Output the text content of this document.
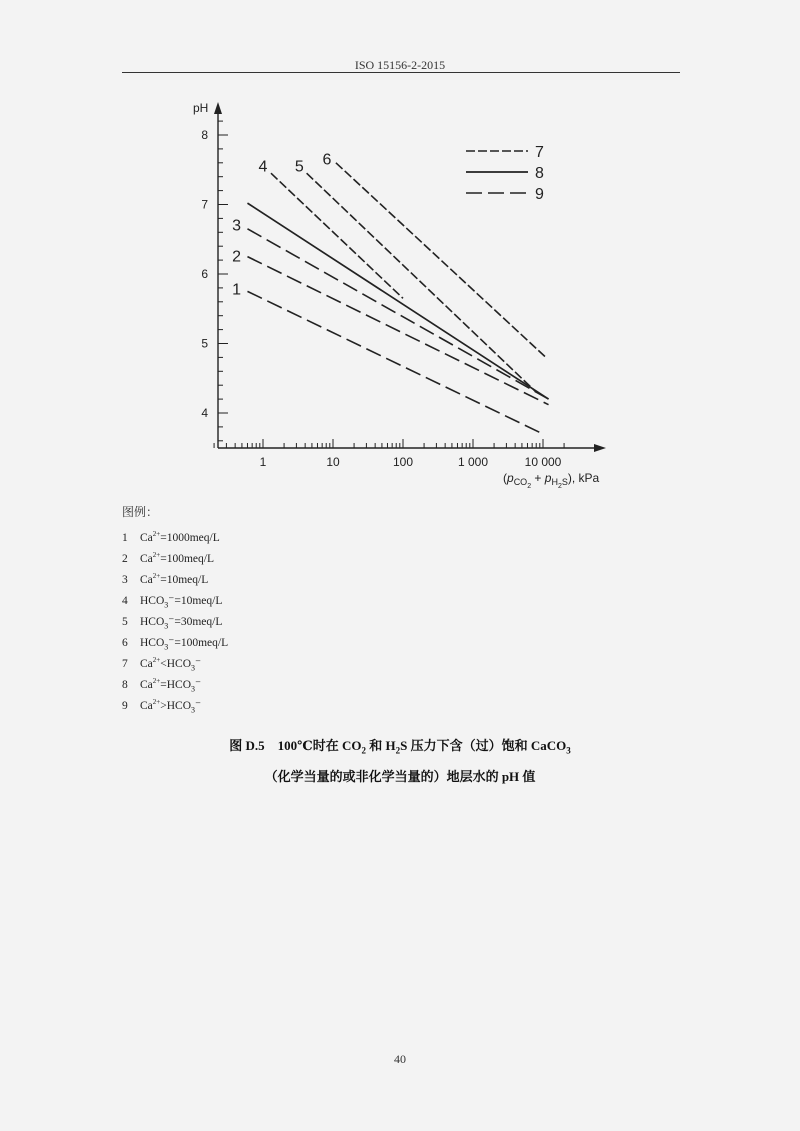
ISO 15156-2-2015
4
5
6
7
8
1	10	100	1 000	10 000
1
2
3
4 5 6	7
8
9
pH
$(p_{CO2} + p_{H2}^S)$, kPa
图例：
1 $Ca^{2+}=1000meq/L$
2 $Ca^{2+}=100meq/L$
3 $Ca^{2+}=10meq/L$
4 $HCO_3^-=10meq/L$
5 $HCO_3^-=30meq/L$
6 $HCO_3^-=100meq/L$
7 $Ca^{2+}<HCO_3^-$
8 $Ca^{2+}=HCO_3^-$
9 $Ca^{2+}>HCO_3^-$
图 D.5　100℃时在 $CO_2$ 和 $H_2S$ 压力下含（过）饱和 CaCO$_3$
（化学当量的或非化学当量的）地层水的 pH 值
40
